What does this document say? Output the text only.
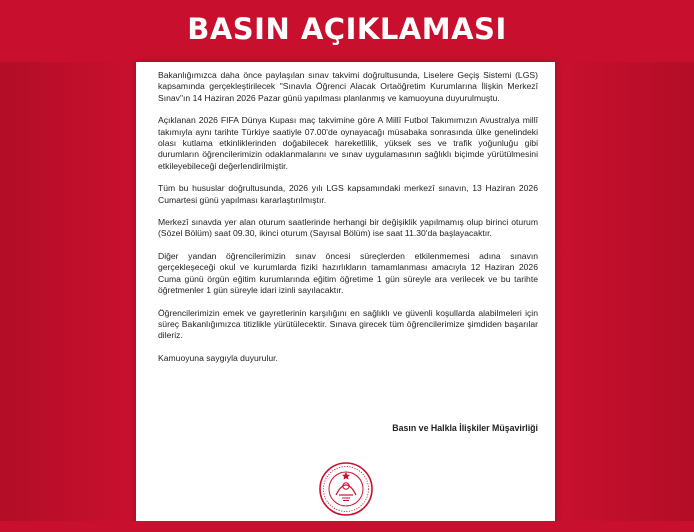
BASIN AÇIKLAMASI

Bakanlığımızca daha önce paylaşılan sınav takvimi doğrultusunda, Liselere Geçiş Sistemi (LGS) kapsamında gerçekleştirilecek "Sınavla Öğrenci Alacak Ortaöğretim Kurumlarına İlişkin Merkezî Sınav"ın 14 Haziran 2026 Pazar günü yapılması planlanmış ve kamuoyuna duyurulmuştu.

Açıklanan 2026 FIFA Dünya Kupası maç takvimine göre A Millî Futbol Takımımızın Avustralya millî takımıyla aynı tarihte Türkiye saatiyle 07.00'de oynayacağı müsabaka sonrasında ülke genelindeki olası kutlama etkinliklerinden doğabilecek hareketlilik, yüksek ses ve trafik yoğunluğu gibi durumların öğrencilerimizin odaklanmalarını ve sınav uygulamasının sağlıklı biçimde yürütülmesini etkileyebileceği değerlendirilmiştir.

Tüm bu hususlar doğrultusunda, 2026 yılı LGS kapsamındaki merkezî sınavın, 13 Haziran 2026 Cumartesi günü yapılması kararlaştırılmıştır.

Merkezî sınavda yer alan oturum saatlerinde herhangi bir değişiklik yapılmamış olup birinci oturum (Sözel Bölüm) saat 09.30, ikinci oturum (Sayısal Bölüm) ise saat 11.30'da başlayacaktır.

Diğer yandan öğrencilerimizin sınav öncesi süreçlerden etkilenmemesi adına sınavın gerçekleşeceği okul ve kurumlarda fiziki hazırlıkların tamamlanması amacıyla 12 Haziran 2026 Cuma günü örgün eğitim kurumlarında eğitim öğretime 1 gün süreyle ara verilecek ve bu tarihte öğretmenler 1 gün süreyle idari izinli sayılacaktır.

Öğrencilerimizin emek ve gayretlerinin karşılığını en sağlıklı ve güvenli koşullarda alabilmeleri için süreç Bakanlığımızca titizlikle yürütülecektir. Sınava girecek tüm öğrencilerimize şimdiden başarılar dileriz.

Kamuoyuna saygıyla duyurulur.

Basın ve Halkla İlişkiler Müşavirliği
